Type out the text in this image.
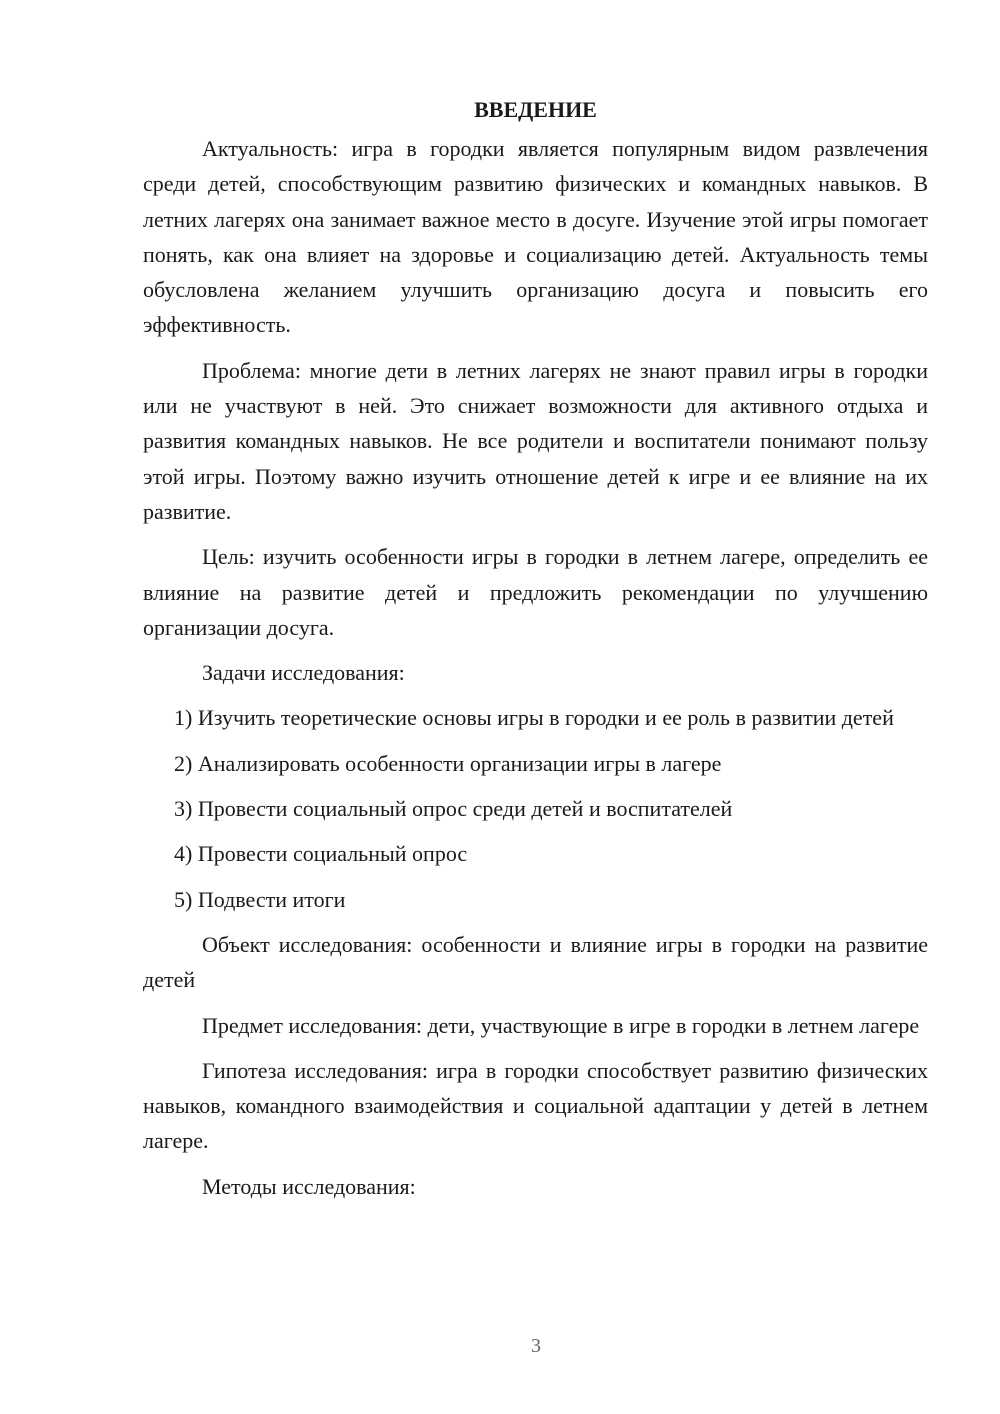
ВВЕДЕНИЕ

Актуальность: игра в городки является популярным видом развлечения среди детей, способствующим развитию физических и командных навыков. В летних лагерях она занимает важное место в досуге. Изучение этой игры помогает понять, как она влияет на здоровье и социализацию детей. Актуальность темы обусловлена желанием улучшить организацию досуга и повысить его эффективность.

Проблема: многие дети в летних лагерях не знают правил игры в городки или не участвуют в ней. Это снижает возможности для активного отдыха и развития командных навыков. Не все родители и воспитатели понимают пользу этой игры. Поэтому важно изучить отношение детей к игре и ее влияние на их развитие.

Цель: изучить особенности игры в городки в летнем лагере, определить ее влияние на развитие детей и предложить рекомендации по улучшению организации досуга.

Задачи исследования:

1) Изучить теоретические основы игры в городки и ее роль в развитии детей

2) Анализировать особенности организации игры в лагере

3) Провести социальный опрос среди детей и воспитателей

4) Провести социальный опрос

5) Подвести итоги

Объект исследования: особенности и влияние игры в городки на развитие детей

Предмет исследования: дети, участвующие в игре в городки в летнем лагере

Гипотеза исследования: игра в городки способствует развитию физических навыков, командного взаимодействия и социальной адаптации у детей в летнем лагере.

Методы исследования:

3
